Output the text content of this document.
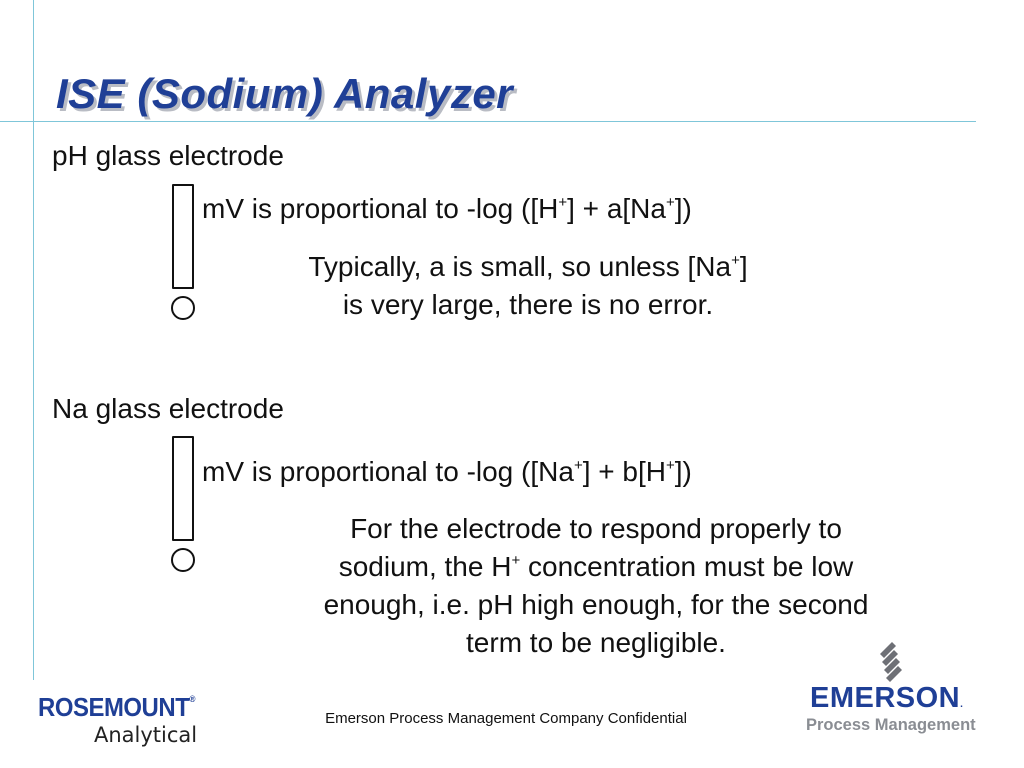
ISE (Sodium) Analyzer
pH glass electrode
mV is proportional to -log ([H+] + a[Na+])
Typically, a is small, so unless [Na+]
is very large, there is no error.
Na glass electrode
mV is proportional to -log ([Na+] + b[H+])
For the electrode to respond properly to
sodium, the H+ concentration must be low
enough, i.e. pH high enough, for the second
term to be negligible.
Emerson Process Management Company Confidential
ROSEMOUNT®
Analytical
EMERSON.
Process Management
